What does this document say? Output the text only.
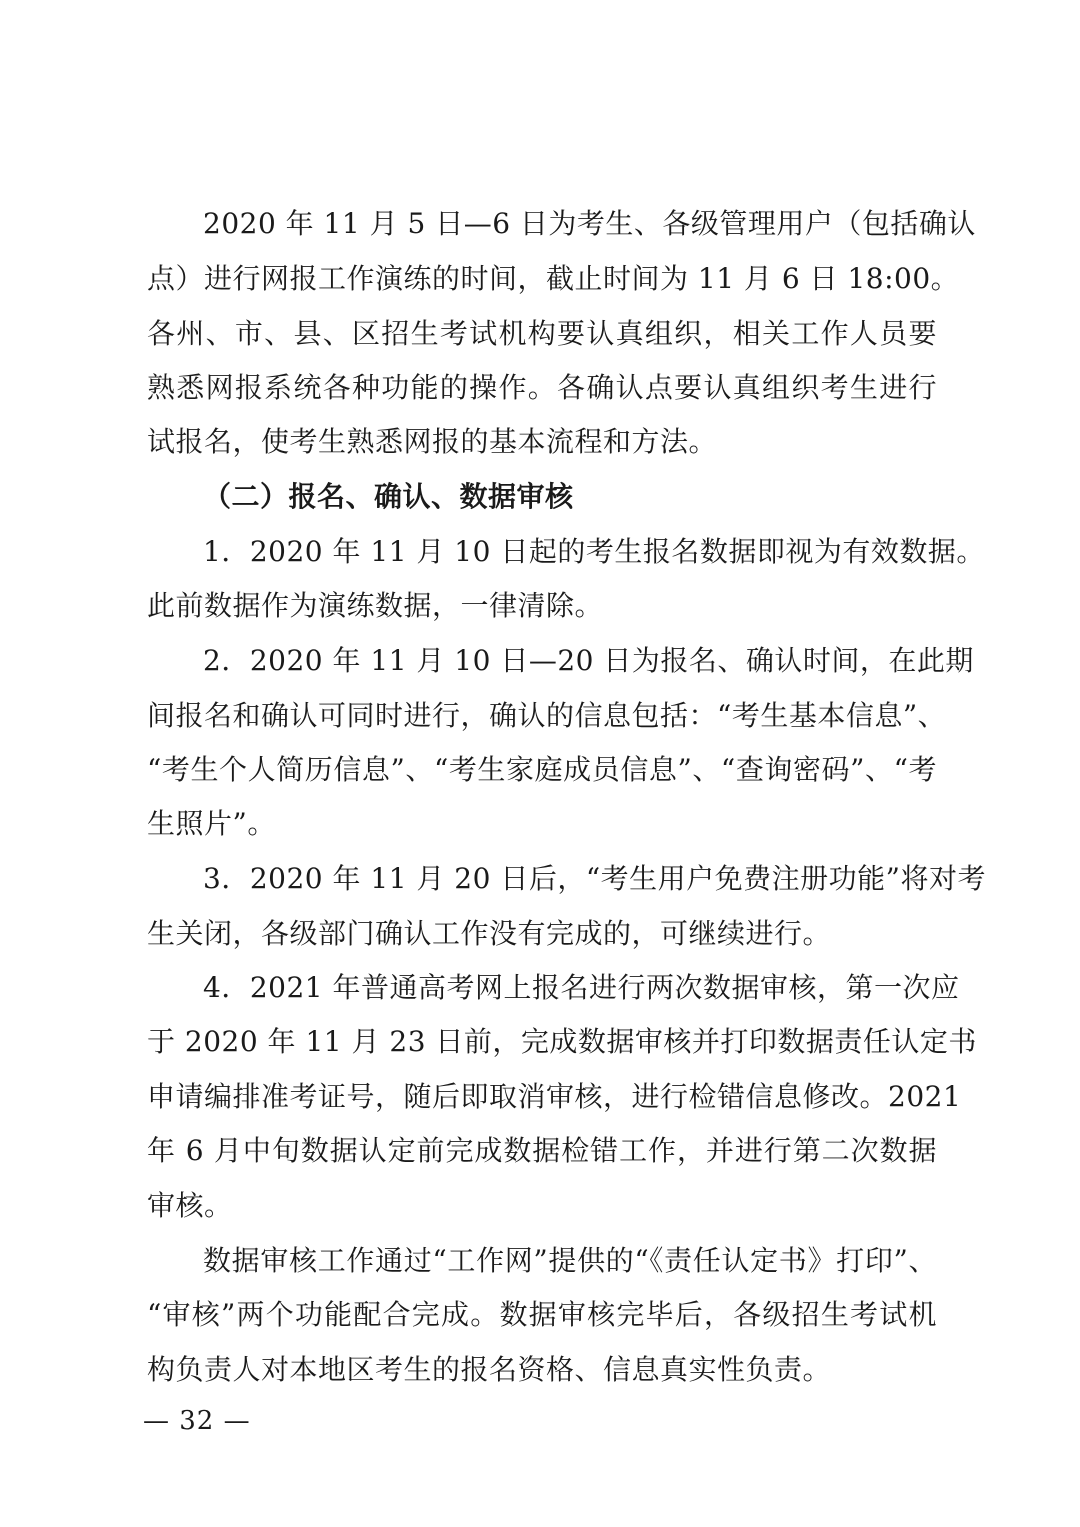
2020 年 11 月 5 日—6 日为考生、各级管理用户（包括确认
点）进行网报工作演练的时间，截止时间为 11 月 6 日 18:00。
各州、市、县、区招生考试机构要认真组织，相关工作人员要
熟悉网报系统各种功能的操作。各确认点要认真组织考生进行
试报名，使考生熟悉网报的基本流程和方法。
（二）报名、确认、数据审核
1．2020 年 11 月 10 日起的考生报名数据即视为有效数据。
此前数据作为演练数据，一律清除。
2．2020 年 11 月 10 日—20 日为报名、确认时间，在此期
间报名和确认可同时进行，确认的信息包括：“考生基本信息”、
“考生个人简历信息”、“考生家庭成员信息”、“查询密码”、“考
生照片”。
3．2020 年 11 月 20 日后，“考生用户免费注册功能”将对考
生关闭，各级部门确认工作没有完成的，可继续进行。
4．2021 年普通高考网上报名进行两次数据审核，第一次应
于 2020 年 11 月 23 日前，完成数据审核并打印数据责任认定书
申请编排准考证号，随后即取消审核，进行检错信息修改。2021
年 6 月中旬数据认定前完成数据检错工作，并进行第二次数据
审核。
数据审核工作通过“工作网”提供的“《责任认定书》打印”、
“审核”两个功能配合完成。数据审核完毕后，各级招生考试机
构负责人对本地区考生的报名资格、信息真实性负责。
— 32 —
